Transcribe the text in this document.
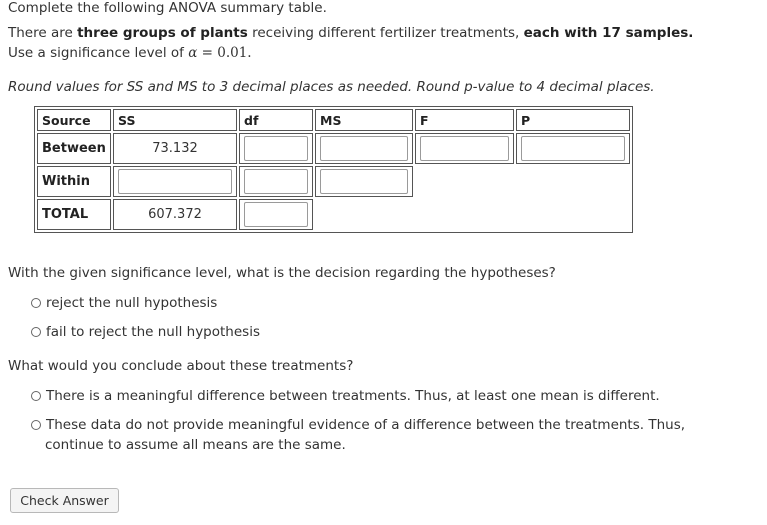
Complete the following ANOVA summary table.
There are three groups of plants receiving different fertilizer treatments, each with 17 samples.
Use a significance level of α = 0.01.
Round values for SS and MS to 3 decimal places as needed. Round p-value to 4 decimal places.
Source	SS	df	MS	F	P
Between	73.132	

Within	

TOTAL	607.372	

With the given significance level, what is the decision regarding the hypotheses?
reject the null hypothesis
fail to reject the null hypothesis
What would you conclude about these treatments?
There is a meaningful difference between treatments. Thus, at least one mean is different.
These data do not provide meaningful evidence of a difference between the treatments. Thus,
continue to assume all means are the same.
Check Answer
